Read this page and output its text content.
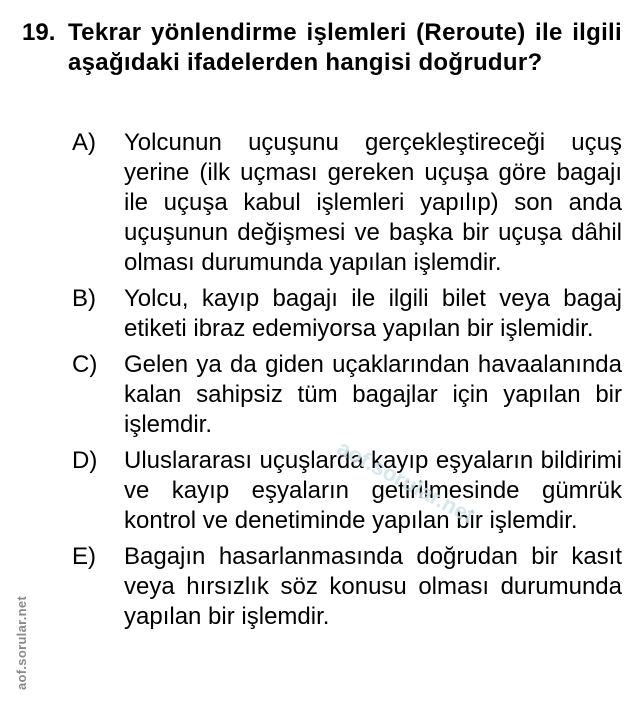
19. Tekrar yönlendirme işlemleri (Reroute) ile ilgili aşağıdaki ifadelerden hangisi doğrudur?
A)	Yolcunun uçuşunu gerçekleştireceği uçuş yerine (ilk uçması gereken uçuşa göre bagajı ile uçuşa kabul işlemleri yapılıp) son anda uçuşunun değişmesi ve başka bir uçuşa dâhil olması durumunda yapılan işlemdir.
B)	Yolcu, kayıp bagajı ile ilgili bilet veya bagaj etiketi ibraz edemiyorsa yapılan bir işlemidir.
C)	Gelen ya da giden uçaklarından havaalanında kalan sahipsiz tüm bagajlar için yapılan bir işlemdir.
D)	Uluslararası uçuşlarda kayıp eşyaların bildirimi ve kayıp eşyaların getirilmesinde gümrük kontrol ve denetiminde yapılan bir işlemdir.
E)	Bagajın hasarlanmasında doğrudan bir kasıt veya hırsızlık söz konusu olması durumunda yapılan bir işlemdir.
aof.sorular.net
aof.sorular.net
